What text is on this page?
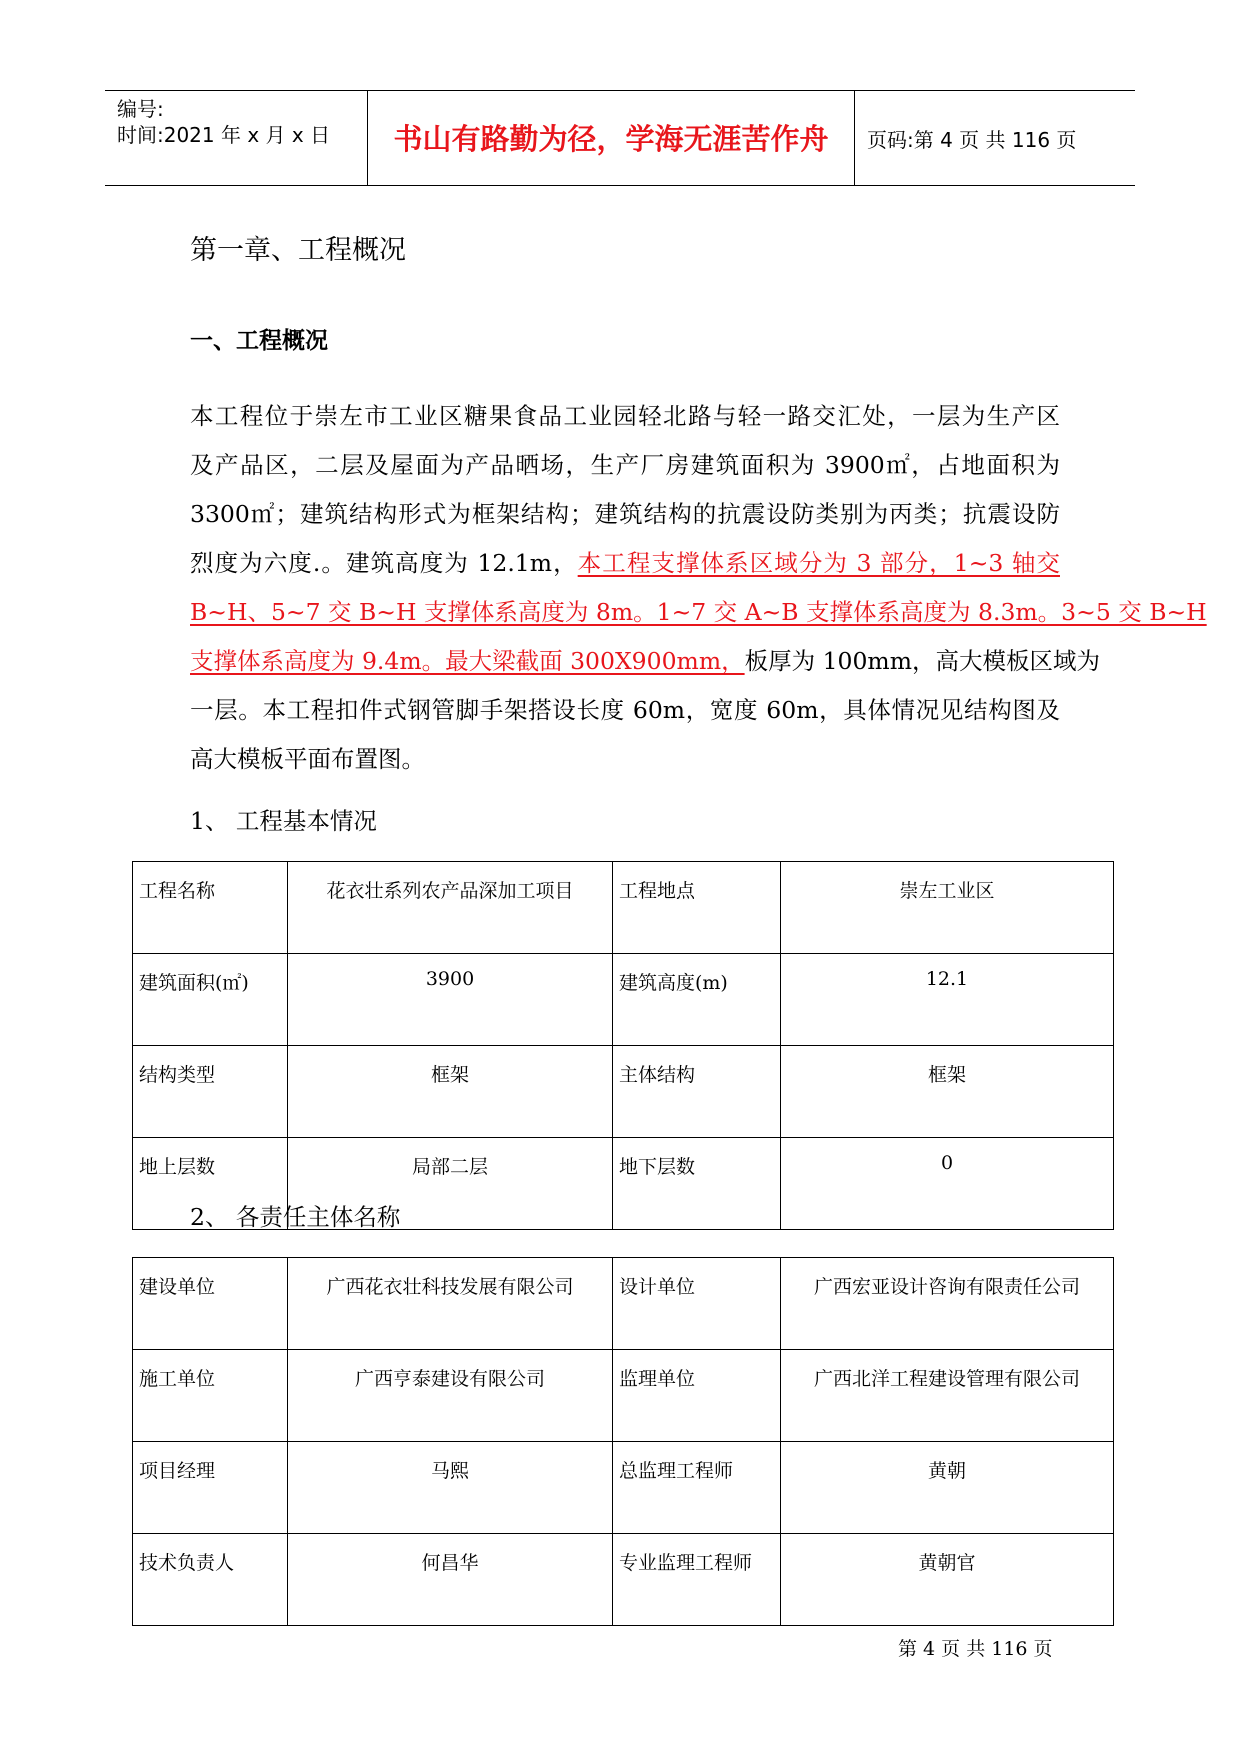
编号:
时间:2021 年 x 月 x 日	书山有路勤为径，学海无涯苦作舟	页码:第 4 页 共 116 页
第一章、工程概况
一、工程概况

本工程位于崇左市工业区糖果食品工业园轻北路与轻一路交汇处，一层为生产区

及产品区，二层及屋面为产品晒场，生产厂房建筑面积为 3900㎡，占地面积为

3300㎡；建筑结构形式为框架结构；建筑结构的抗震设防类别为丙类；抗震设防

烈度为六度.。建筑高度为 12.1m，本工程支撑体系区域分为 3 部分，1~3 轴交

B~H、5~7 交 B~H 支撑体系高度为 8m。1~7 交 A~B 支撑体系高度为 8.3m。3~5 交 B~H

支撑体系高度为 9.4m。最大梁截面 300X900mm，板厚为 100mm，高大模板区域为

一层。本工程扣件式钢管脚手架搭设长度 60m，宽度 60m，具体情况见结构图及

高大模板平面布置图。

1、 工程基本情况
工程名称	花衣壮系列农产品深加工项目	工程地点	崇左工业区
建筑面积(㎡)	3900	建筑高度(m)	12.1
结构类型	框架	主体结构	框架
地上层数	局部二层	地下层数	0
2、 各责任主体名称
建设单位	广西花衣壮科技发展有限公司	设计单位	广西宏亚设计咨询有限责任公司
施工单位	广西亨泰建设有限公司	监理单位	广西北洋工程建设管理有限公司
项目经理	马熙	总监理工程师	黄朝
技术负责人	何昌华	专业监理工程师	黄朝官
第 4 页 共 116 页
